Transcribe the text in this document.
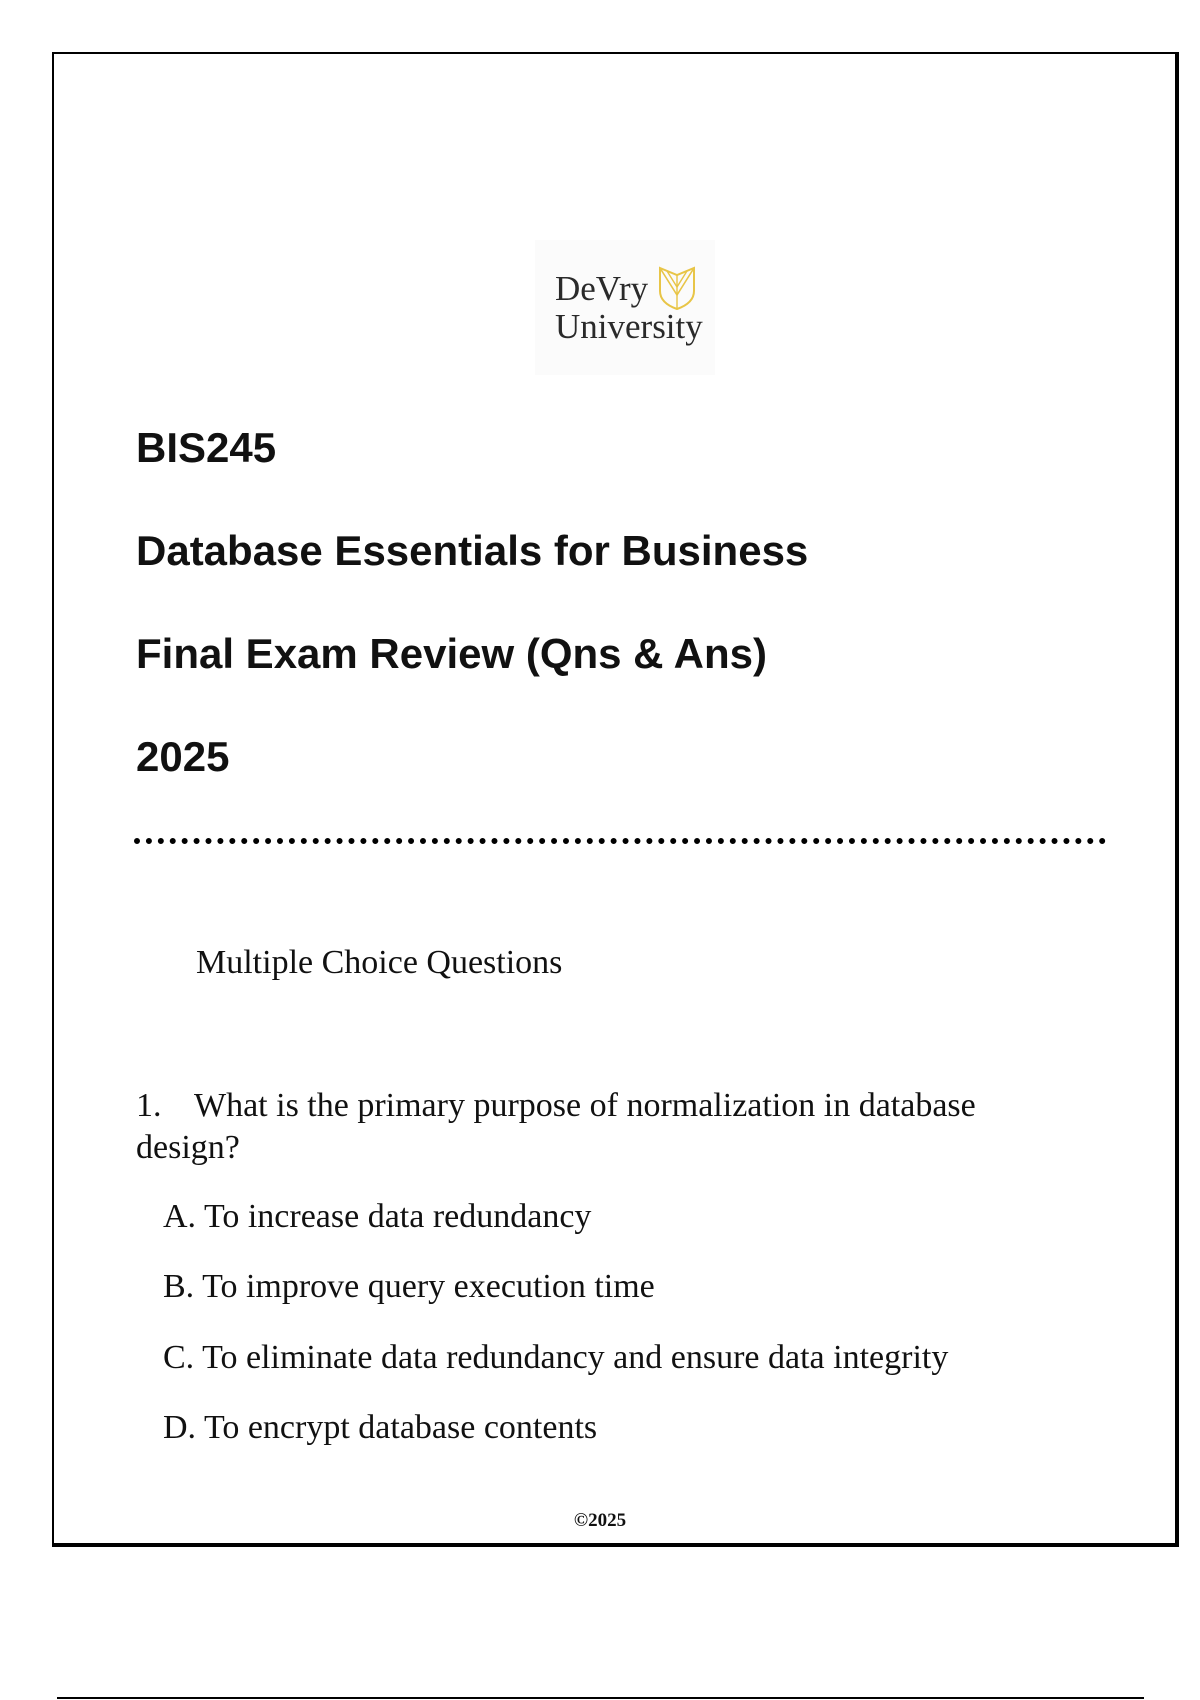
DeVry
University
BIS245
Database Essentials for Business
Final Exam Review (Qns & Ans)
2025
Multiple Choice Questions
1. What is the primary purpose of normalization in database design?
A. To increase data redundancy
B. To improve query execution time
C. To eliminate data redundancy and ensure data integrity
D. To encrypt database contents
©2025
